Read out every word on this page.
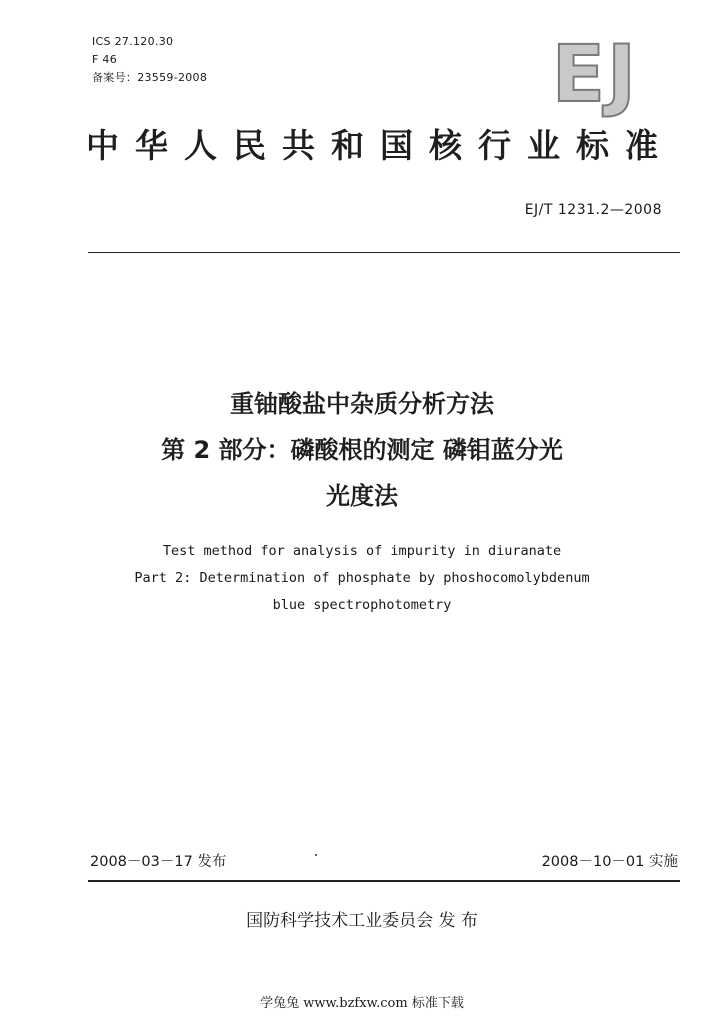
ICS 27.120.30
F 46
备案号：23559-2008	EJ
中华人民共和国核行业标准
EJ/T 1231.2—2008
重铀酸盐中杂质分析方法
第 2 部分：磷酸根的测定 磷钼蓝分光
光度法
Test method for analysis of impurity in diuranate
Part 2: Determination of phosphate by phoshocomolybdenum
blue spectrophotometry
2008－03－17 发布	2008－10－01 实施
国防科学技术工业委员会 发 布
学兔兔 www.bzfxw.com 标准下载
